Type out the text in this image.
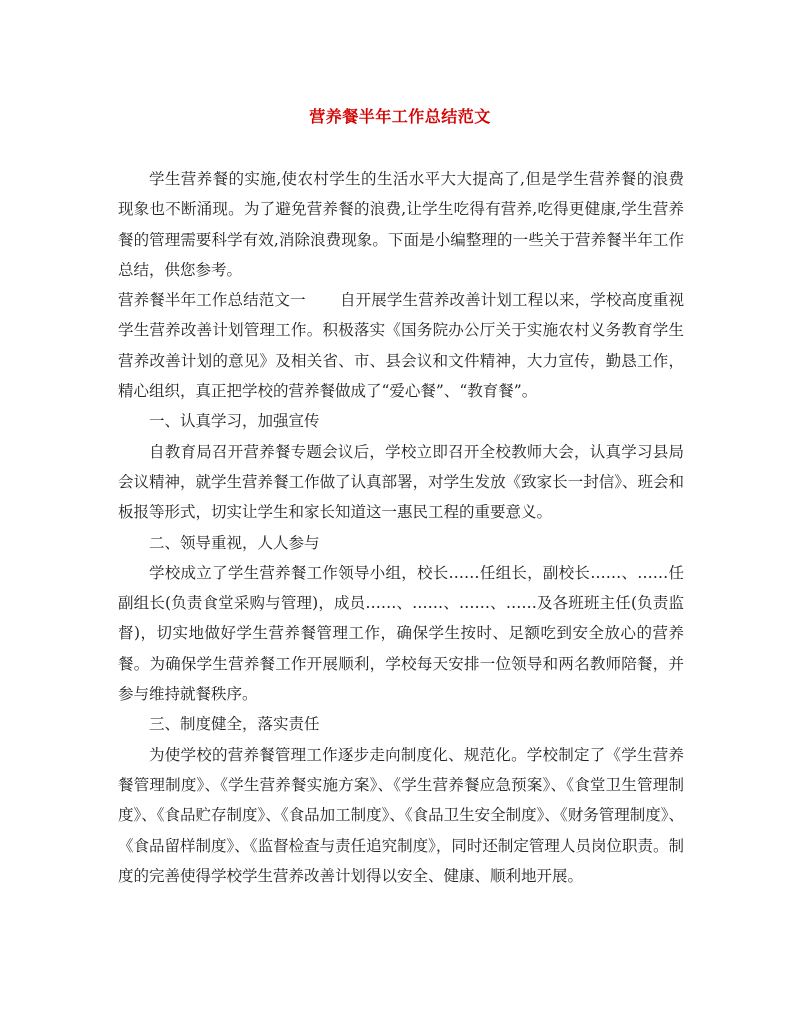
营养餐半年工作总结范文

学生营养餐的实施,使农村学生的生活水平大大提高了,但是学生营养餐的浪费现象也不断涌现。为了避免营养餐的浪费,让学生吃得有营养,吃得更健康,学生营养餐的管理需要科学有效,消除浪费现象。下面是小编整理的一些关于营养餐半年工作总结，供您参考。

营养餐半年工作总结范文一 自开展学生营养改善计划工程以来，学校高度重视学生营养改善计划管理工作。积极落实《国务院办公厅关于实施农村义务教育学生营养改善计划的意见》及相关省、市、县会议和文件精神，大力宣传，勤恳工作，精心组织，真正把学校的营养餐做成了“爱心餐”、“教育餐”。

一、认真学习，加强宣传

自教育局召开营养餐专题会议后，学校立即召开全校教师大会，认真学习县局会议精神，就学生营养餐工作做了认真部署，对学生发放《致家长一封信》、班会和板报等形式，切实让学生和家长知道这一惠民工程的重要意义。

二、领导重视，人人参与

学校成立了学生营养餐工作领导小组，校长……任组长，副校长……、……任副组长(负责食堂采购与管理)，成员……、……、……、……及各班班主任(负责监督)，切实地做好学生营养餐管理工作，确保学生按时、足额吃到安全放心的营养餐。为确保学生营养餐工作开展顺利，学校每天安排一位领导和两名教师陪餐，并参与维持就餐秩序。

三、制度健全，落实责任

为使学校的营养餐管理工作逐步走向制度化、规范化。学校制定了《学生营养餐管理制度》、《学生营养餐实施方案》、《学生营养餐应急预案》、《食堂卫生管理制度》、《食品贮存制度》、《食品加工制度》、《食品卫生安全制度》、《财务管理制度》、《食品留样制度》、《监督检查与责任追究制度》，同时还制定管理人员岗位职责。制度的完善使得学校学生营养改善计划得以安全、健康、顺利地开展。
